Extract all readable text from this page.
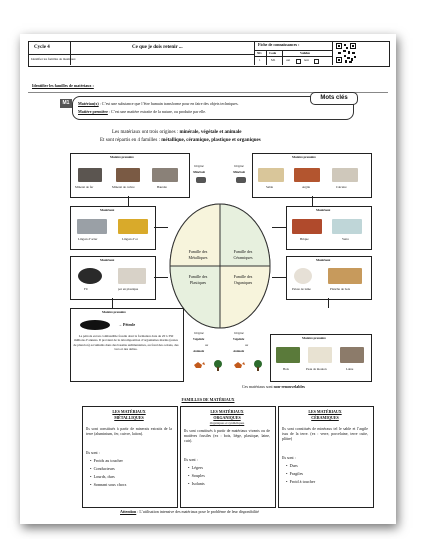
Cycle 4	Ce que je dois retenir ...
Identifier les familles de matériaux
Fiche de connaissances :
Niv Code	Validée
1	M1	oui	non
Identifier les familles de matériaux :
M1
Mots clés
Matériau(x) : C’est une substance que l’être humain transforme pour en faire des objets techniques.
Matière première : C’est une matière extraite de la nature, ou produite par elle.
Les matériaux ont trois origines : minérale, végétale et animale
Et sont répartis en 4 familles : métallique, céramique, plastique et organiques
Matière première
Minerai de fer	Minerai de cuivre	Bauxite
Origine
Minérale
Origine
Minérale
Matière première
Sable	Argile	Calcaire
Matériaux
Lingots d’acier	Lingots d’or
Matériaux
Brique	Verre
Famille des
Métalliques
Famille des
Céramiques
Famille des
Plastiques
Famille des
Organiques
Matériaux
Fil	pot en plastique
Matériaux
Pelote de laine	Planche de bois
Matière première
→ Pétrole
Le pétrole est un combustible fossile dont la formation date de 20 à 350 millions d’années. Il provient de la décomposition d’organismes marins (restes de plancton) accumulés dans des bassins sédimentaires, au fond des océans, des lacs et des deltas.
Origine
Végétale
ou
Animale
Origine
Végétale
ou
Animale
Matière première
Bois	Peau de mouton	Laine
Ces matériaux sont non-renouvelables
FAMILLES DE MATÉRIAUX
LES MATÉRIAUX
MÉTALLIQUES
Ils sont constitués à partir de minerais extraits de la terre (aluminium, fer, cuivre, laiton).
Ils sont :
•  Froids au toucher
•  Conducteurs
•  Lourds, durs
•  Sonnant sous chocs
LES MATÉRIAUX
ORGANIQUES
Organiques et synthétiques
Ils sont constitués à partir de matériaux vivants ou de matières fossiles (ex : bois, liège, plastique, laine, cuir).
Ils sont :
•  Légers
•  Souples
•  Isolants
LES MATÉRIAUX
CÉRAMIQUES
Ils sont constitués de minéraux tel le sable et l’argile issu de la terre. (ex : verre, porcelaine, terre cuite, plâtre)
Ils sont :
•  Durs
•  Fragiles
•  Froid à toucher
Attention : L’utilisation intensive des matériaux pose le problème de leur disponibilité
